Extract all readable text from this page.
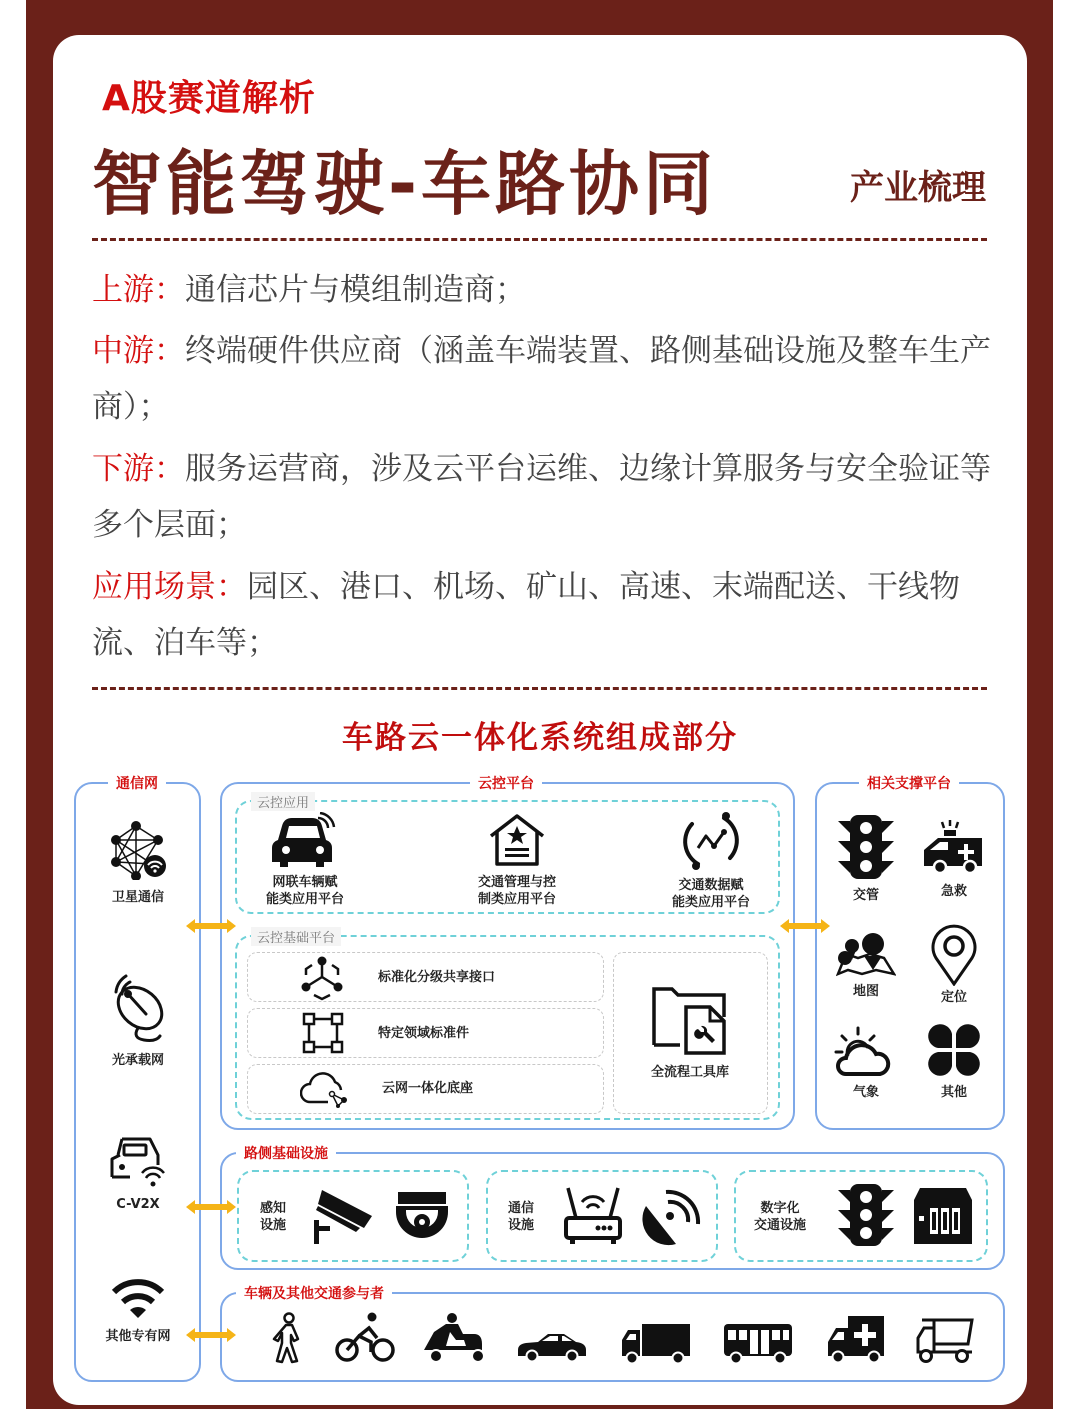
A股赛道解析
智能驾驶-车路协同	产业梳理
上游：通信芯片与模组制造商；
中游：终端硬件供应商（涵盖车端装置、路侧基础设施及整车生产商）；
下游：服务运营商，涉及云平台运维、边缘计算服务与安全验证等多个层面；
应用场景：园区、港口、机场、矿山、高速、末端配送、干线物流、泊车等；
车路云一体化系统组成部分
通信网
卫星通信
光承载网
C-V2X
其他专有网
云控平台
云控应用
网联车辆赋
能类应用平台
交通管理与控
制类应用平台
交通数据赋
能类应用平台
云控基础平台
标准化分级共享接口
特定领域标准件
云网一体化底座
全流程工具库
相关支撑平台
交管	急救
地图	定位
气象	其他
路侧基础设施
感知
设施
通信
设施
数字化
交通设施
车辆及其他交通参与者
